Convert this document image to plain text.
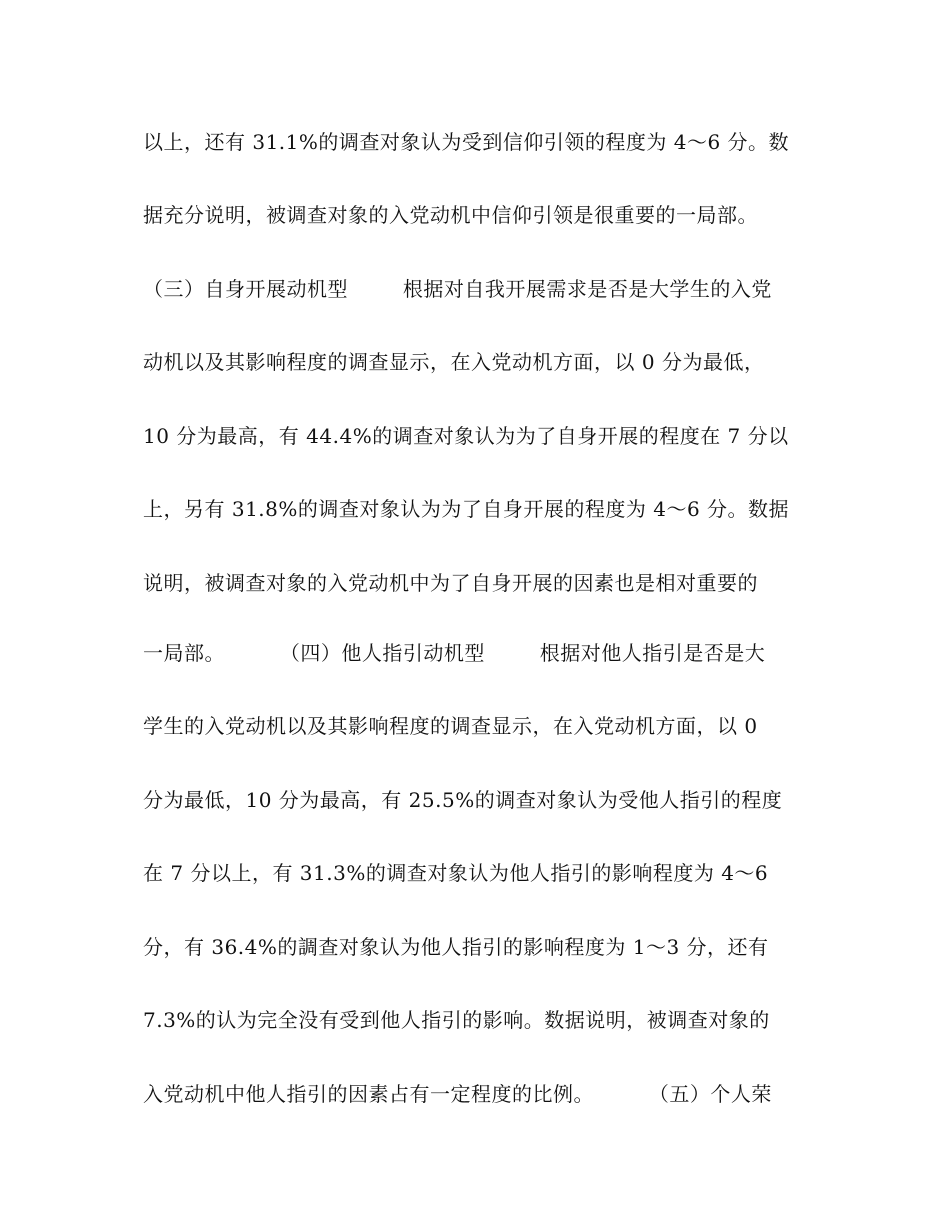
以上，还有 31.1%的调查对象认为受到信仰引领的程度为 4～6 分。数
据充分说明，被调查对象的入党动机中信仰引领是很重要的一局部。
（三）自身开展动机型        根据对自我开展需求是否是大学生的入党
动机以及其影响程度的调查显示，在入党动机方面，以 0 分为最低，
10 分为最高，有 44.4%的调查对象认为为了自身开展的程度在 7 分以
上，另有 31.8%的调查对象认为为了自身开展的程度为 4～6 分。数据
说明，被调查对象的入党动机中为了自身开展的因素也是相对重要的
一局部。        （四）他人指引动机型        根据对他人指引是否是大
学生的入党动机以及其影响程度的调查显示，在入党动机方面，以 0
分为最低，10 分为最高，有 25.5%的调查对象认为受他人指引的程度
在 7 分以上，有 31.3%的调查对象认为他人指引的影响程度为 4～6
分，有 36.4%的調查对象认为他人指引的影响程度为 1～3 分，还有
7.3%的认为完全没有受到他人指引的影响。数据说明，被调查对象的
入党动机中他人指引的因素占有一定程度的比例。        （五）个人荣
